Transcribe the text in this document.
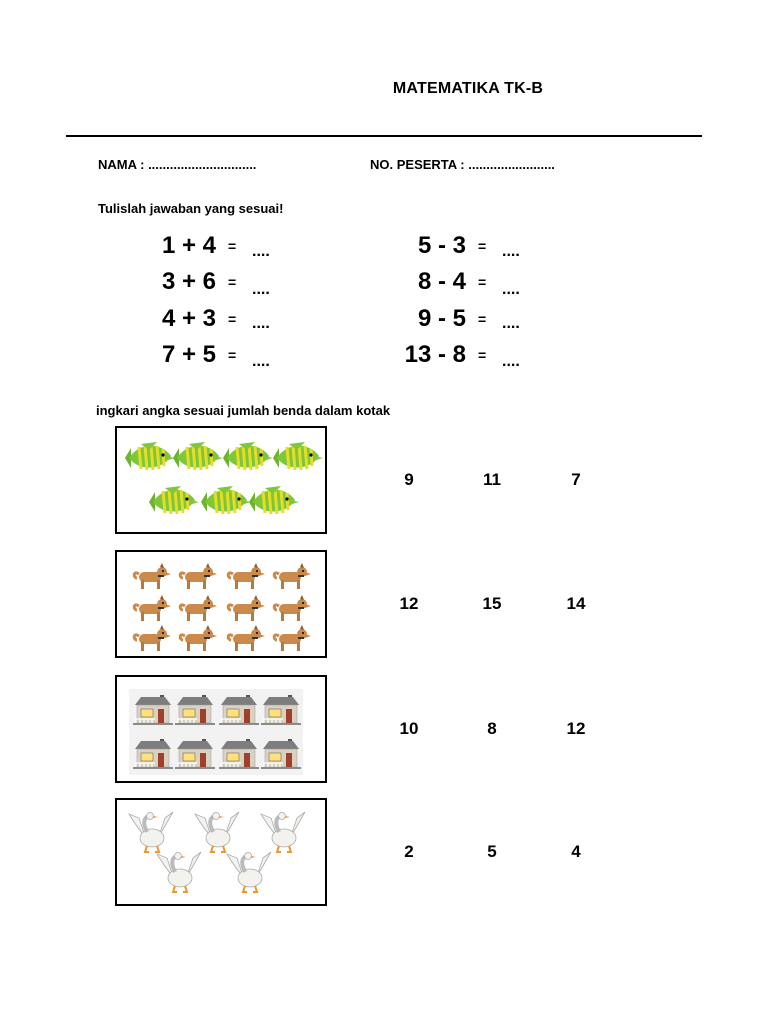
MATEMATIKA TK-B
NAMA : ..............................	NO. PESERTA : ........................
Tulislah jawaban yang sesuai!
1 + 4 = ....
3 + 6 = ....
4 + 3 = ....
7 + 5 = ....
5 - 3 = ....
8 - 4 = ....
9 - 5 = ....
13 - 8 = ....
ingkari angka sesuai jumlah benda dalam kotak
9	11	7
12	15	14
10	8	12
2	5	4
